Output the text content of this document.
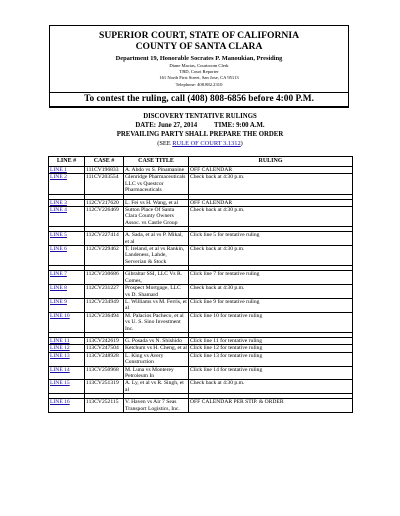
SUPERIOR COURT, STATE OF CALIFORNIA
COUNTY OF SANTA CLARA
Department 19, Honorable Socrates P. Manoukian, Presiding
Diane Macias, Courtroom Clerk
TBD, Court Reporter
161 North First Street, San Jose, CA 95113
Telephone: 408.882.2310
To contest the ruling, call (408) 808-6856 before 4:00 P.M.
DISCOVERY TENTATIVE RULINGS
DATE: June 27, 2014          TIME: 9:00 A.M.
PREVAILING PARTY SHALL PREPARE THE ORDER
(SEE RULE OF COURT 3.1312)
LINE #	CASE #	CASE TITLE	RULING
LINE 1	111CV196833	A. Abdo vs S. Pinamanine	OFF CALENDAR
LINE 2	111CV203554	Glenridge Pharmaceuticals LLC vs Questcor Pharmaceuticals	Check back at 4:30 p.m.

LINE 3	112CV217620	L. Fei vs H. Wang, et al	OFF CALENDAR
LINE 4	112CV226469	Sutton Place Of Santa Clara County Owners Assoc. vs Castle Group	Check back at 4:30 p.m.

LINE 5	112CV227414	A. Sada, et al vs P. Mikal, et al	Click line 5 for tentative ruling
LINE 6	112CV229462	T. Ireland, et al vs Rankin, Landeness, Lahde, Serverian & Stock	Check back at 4:30 p.m.

LINE 7	112CV230686	Gibraltar SSI, LLC Vs R. Comes,	Click line 7 for tentative ruling
LINE 8	112CV231227	Prospect Mortgage, LLC vs D. Shamard	Check back at 4:30 p.m.
LINE 9	112CV234949	L. Williams vs M. Ferris, et al	Click line 9 for tentative ruling
LINE 10	112CV236494	M. Palacios Pacheco, et al vs U. S. Sino Investment Inc.	Click line 10 for tentative ruling

LINE 11	113CV242619	G. Posada vs N. Shishido	Click line 11 for tentative ruling
LINE 12	113CV247504	Ketchum vs H. Cheng, et al	Click line 12 for tentative ruling
LINE 13	113CV248928	L. King vs Avery Construction	Click line 13 for tentative ruling
LINE 14	113CV250968	M. Luna vs Monterey Petroleum In	Click line 14 for tentative ruling
LINE 15	113CV251319	A. Ly, et al vs R. Singh, et al	Check back at 4:30 p.m.

LINE 16	113CV252115	V. Haven vs Air 7 Seas Transport Logistics, Inc.	OFF CALENDAR PER STIP. & ORDER
